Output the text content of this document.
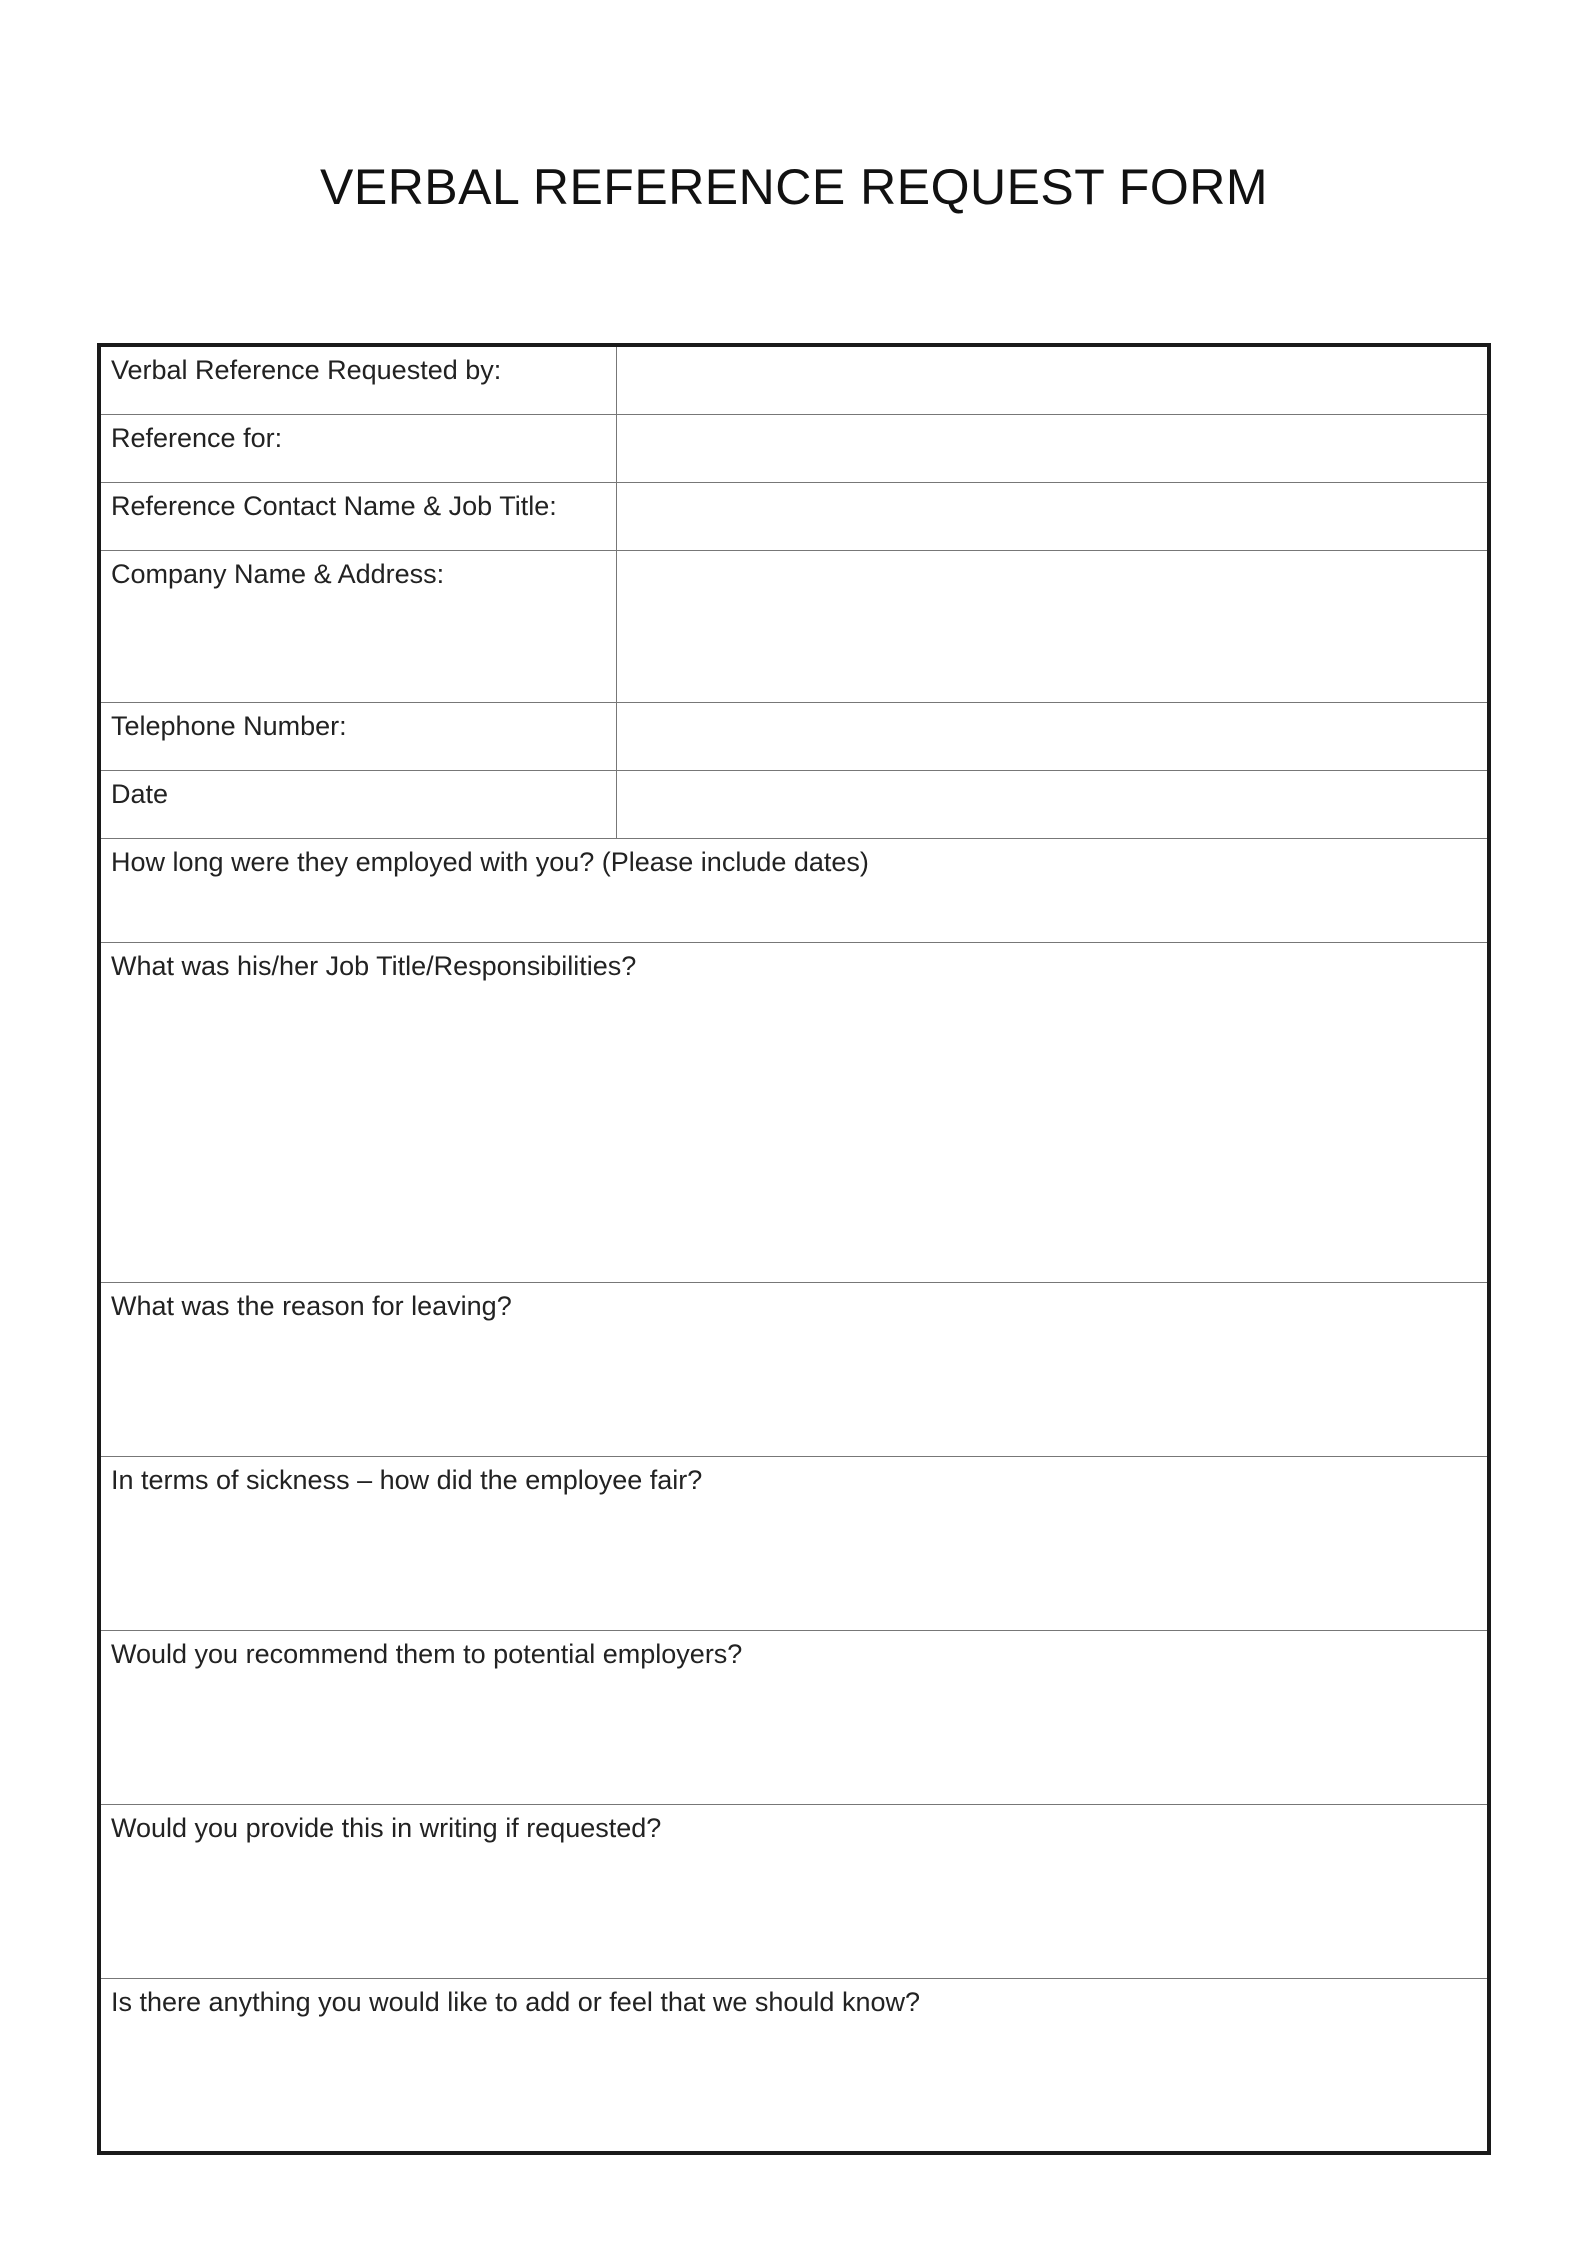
VERBAL REFERENCE REQUEST FORM
Verbal Reference Requested by:
Reference for:
Reference Contact Name & Job Title:
Company Name & Address:
Telephone Number:
Date
How long were they employed with you? (Please include dates)
What was his/her Job Title/Responsibilities?
What was the reason for leaving?
In terms of sickness – how did the employee fair?
Would you recommend them to potential employers?
Would you provide this in writing if requested?
Is there anything you would like to add or feel that we should know?
